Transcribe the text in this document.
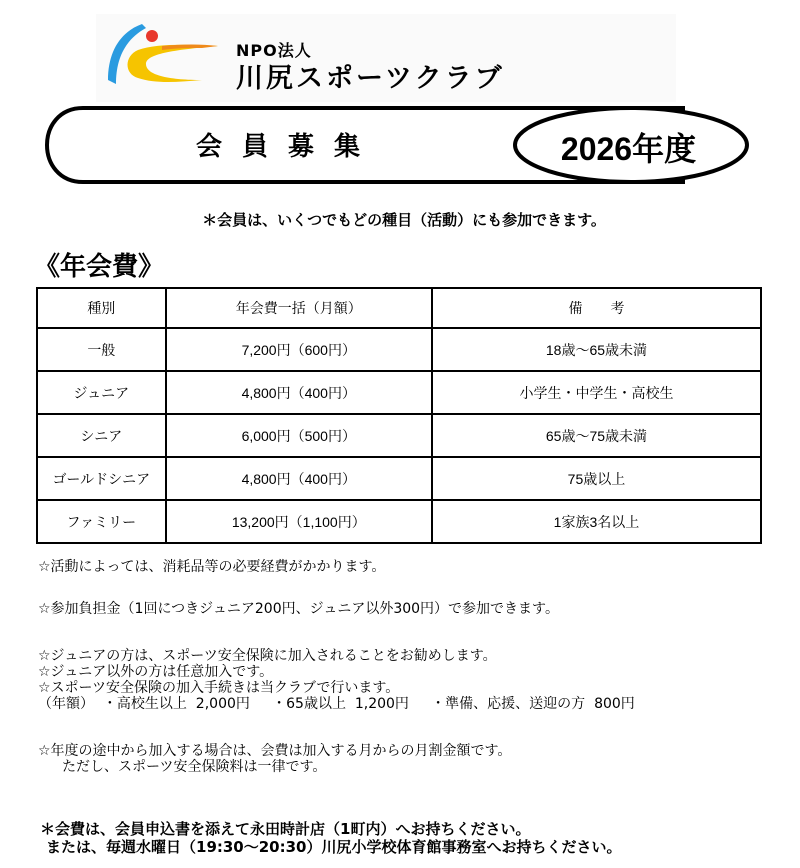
NPO法人
川尻スポーツクラブ
会員募集	2026年度
＊会員は、いくつでもどの種目（活動）にも参加できます。
《年会費》
種別	年会費一括（月額）	備　　考
一般	7,200円（600円）	18歳～65歳未満
ジュニア	4,800円（400円）	小学生・中学生・高校生
シニア	6,000円（500円）	65歳～75歳未満
ゴールドシニア	4,800円（400円）	75歳以上
ファミリー	13,200円（1,100円）	1家族3名以上
☆活動によっては、消耗品等の必要経費がかかります。
☆参加負担金（1回につきジュニア200円、ジュニア以外300円）で参加できます。
☆ジュニアの方は、スポーツ安全保険に加入されることをお勧めします。
☆ジュニア以外の方は任意加入です。
☆スポーツ安全保険の加入手続きは当クラブで行います。
（年額）  ・高校生以上  2,000円     ・65歳以上  1,200円     ・準備、応援、送迎の方  800円
☆年度の途中から加入する場合は、会費は加入する月からの月割金額です。
ただし、スポーツ安全保険料は一律です。
＊会費は、会員申込書を添えて永田時計店（1町内）へお持ちください。
または、毎週水曜日（19:30～20:30）川尻小学校体育館事務室へお持ちください。
